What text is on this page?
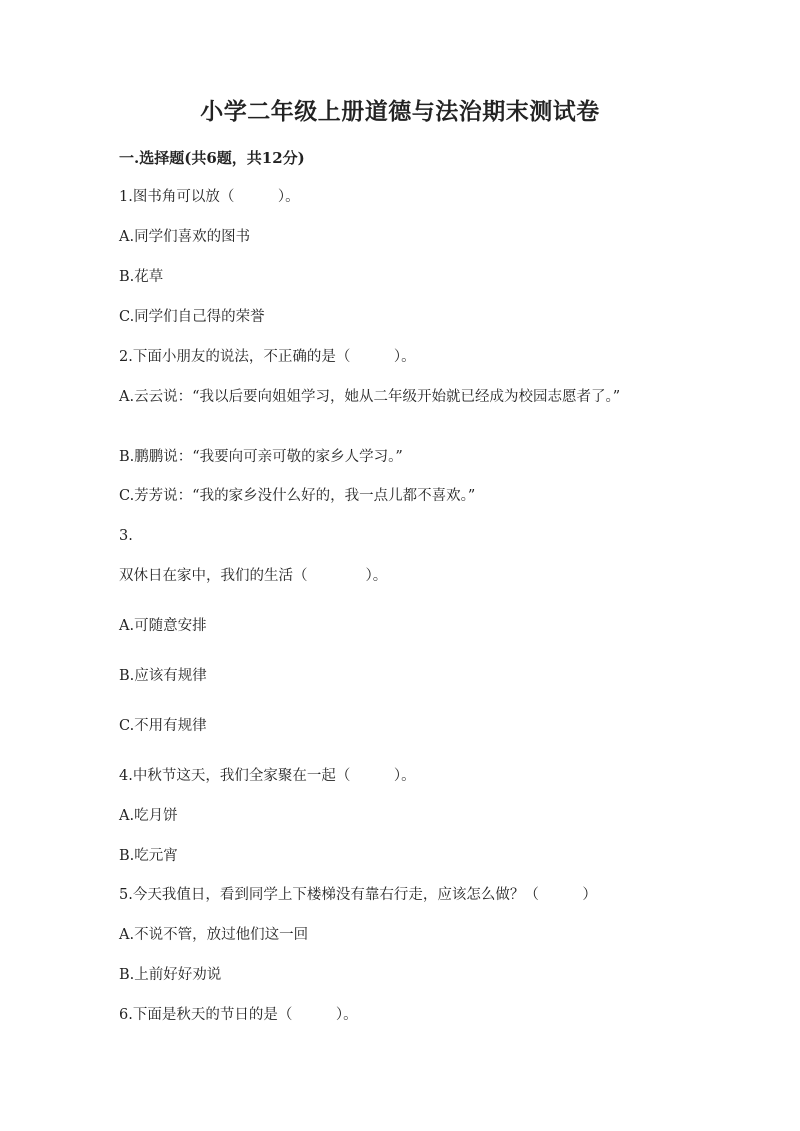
小学二年级上册道德与法治期末测试卷

一.选择题(共6题，共12分)

1.图书角可以放（　　　）。

A.同学们喜欢的图书

B.花草

C.同学们自己得的荣誉

2.下面小朋友的说法，不正确的是（　　　）。

A.云云说：“我以后要向姐姐学习，她从二年级开始就已经成为校园志愿者了。”

B.鹏鹏说：“我要向可亲可敬的家乡人学习。”

C.芳芳说：“我的家乡没什么好的，我一点儿都不喜欢。”

3.

双休日在家中，我们的生活（　　　　）。

A.可随意安排

B.应该有规律

C.不用有规律

4.中秋节这天，我们全家聚在一起（　　　）。

A.吃月饼

B.吃元宵

5.今天我值日，看到同学上下楼梯没有靠右行走，应该怎么做？（　　　）

A.不说不管，放过他们这一回

B.上前好好劝说

6.下面是秋天的节日的是（　　　）。
